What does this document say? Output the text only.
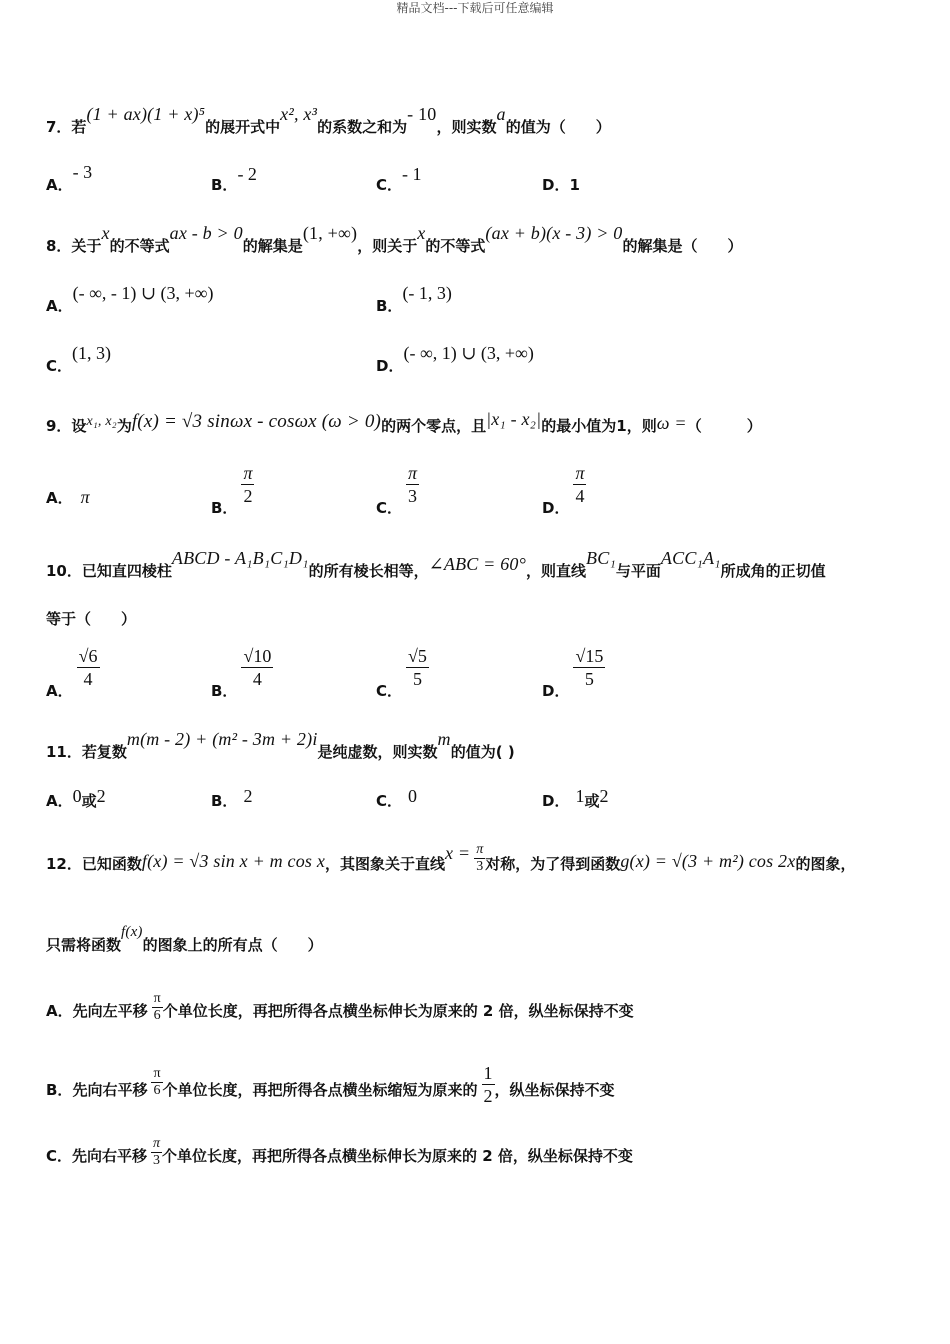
精品文档---下载后可任意编辑
7．若(1 + ax)(1 + x)⁵的展开式中x², x³的系数之和为- 10，则实数a的值为（　　）
A．- 3
B．- 2
C．- 1
D．1
8．关于x的不等式ax - b > 0的解集是(1, +∞)，则关于x的不等式(ax + b)(x - 3) > 0的解集是（　　）
A．(- ∞, - 1) ∪ (3, +∞)
B．(- 1, 3)
C．(1, 3)
D．(- ∞, 1) ∪ (3, +∞)
9．设x₁, x₂为f(x) = √3 sinωx - cosωx (ω > 0)的两个零点，且|x₁ - x₂|的最小值为1，则ω =（　　　）
A． π
B．
$\frac{\pi}{2}$
C．
$\frac{\pi}{3}$
D．
$\frac{\pi}{4}$
10．已知直四棱柱ABCD - A₁B₁C₁D₁的所有棱长相等，∠ABC = 60°，则直线BC₁与平面ACC₁A₁所成角的正切值
等于（　　）
A．
$\frac{√6}{4}$
B．
$\frac{√10}{4}$
C．
$\frac{√5}{5}$
D．
$\frac{√15}{5}$
11．若复数m(m - 2) + (m² - 3m + 2)i是纯虚数，则实数m的值为( )
A．0或2	B． 2	C． 0	D． 1或2
12．已知函数f(x) = √3 sin x + m cos x，其图象关于直线$x = \frac{\pi}{3}$ 对称，为了得到函数g(x) = √(3 + m²) cos 2x的图象，
只需将函数f(x)的图象上的所有点（　　）
A．先向左平移 $\frac{\pi}{6}$ 个单位长度，再把所得各点横坐标伸长为原来的 2 倍，纵坐标保持不变
B．先向右平移 $\frac{\pi}{6}$ 个单位长度，再把所得各点横坐标缩短为原来的 $\frac{1}{2}$ ，纵坐标保持不变
C．先向右平移 $\frac{\pi}{3}$ 个单位长度，再把所得各点横坐标伸长为原来的 2 倍，纵坐标保持不变
